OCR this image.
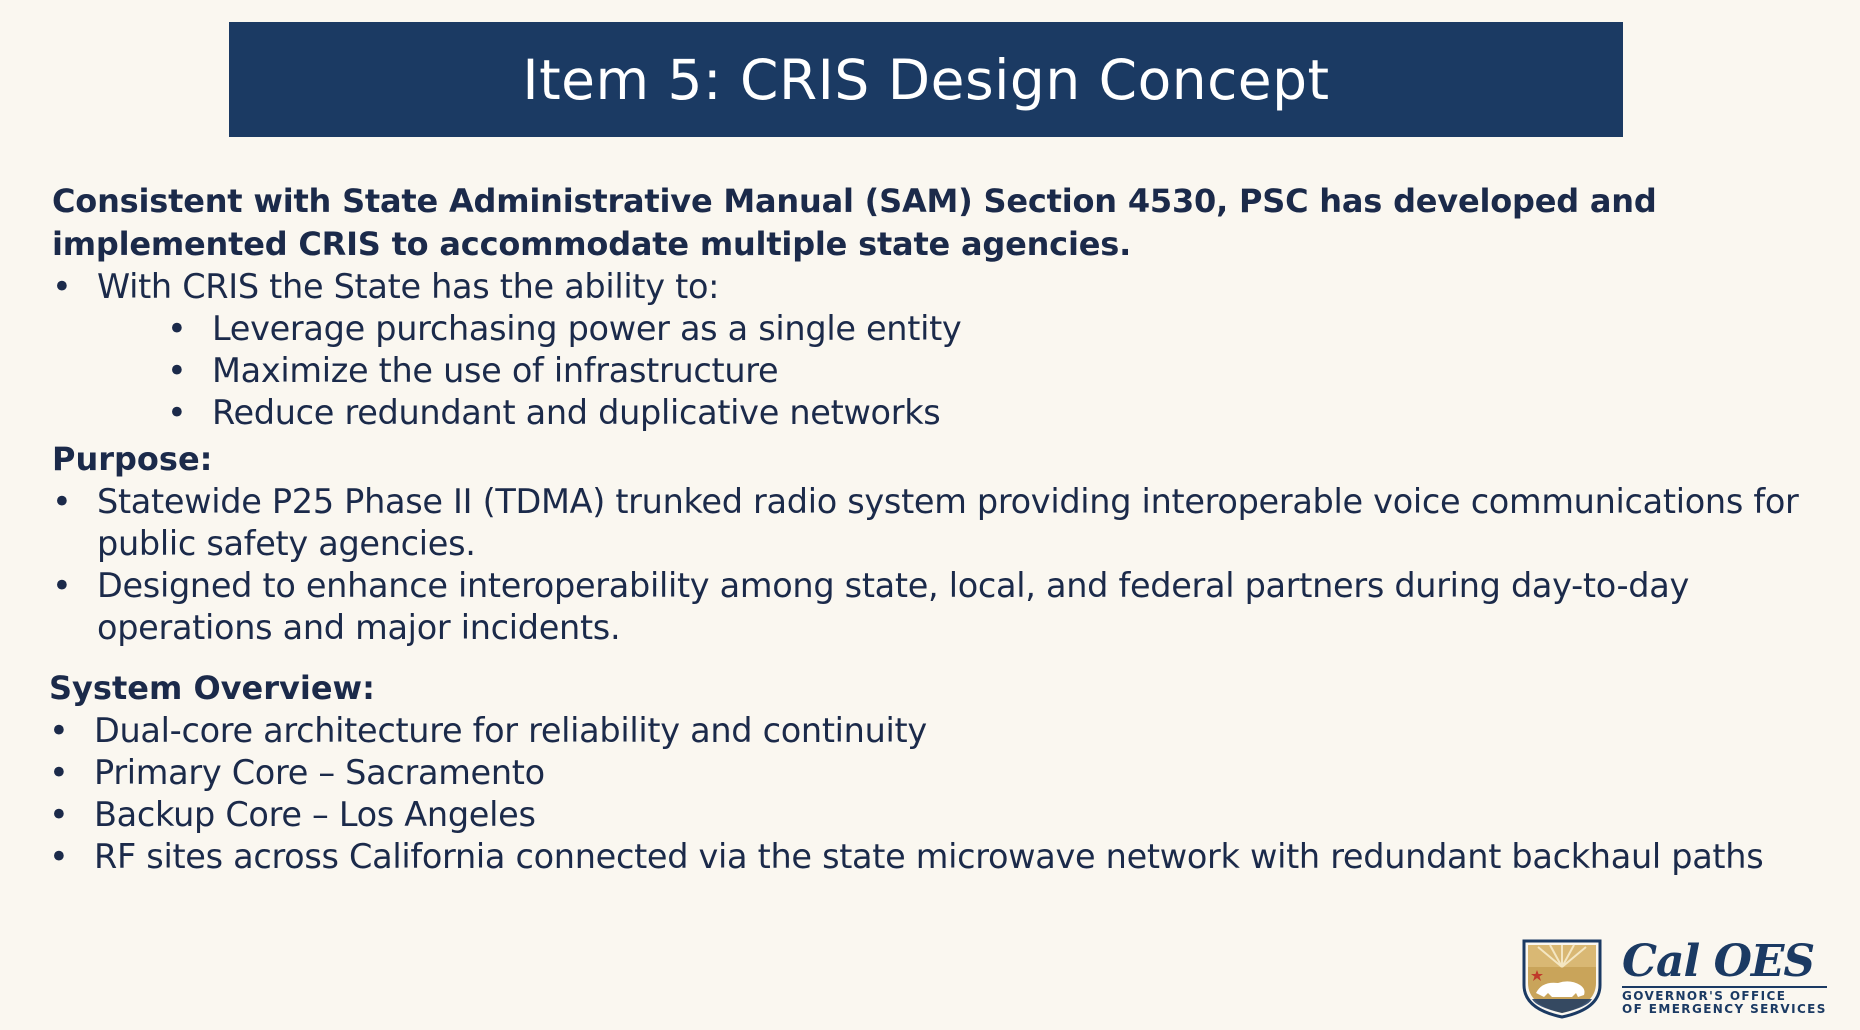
Item 5: CRIS Design Concept
Consistent with State Administrative Manual (SAM) Section 4530, PSC has developed and implemented CRIS to accommodate multiple state agencies.
• With CRIS the State has the ability to:
• Leverage purchasing power as a single entity
• Maximize the use of infrastructure
• Reduce redundant and duplicative networks
Purpose:
• Statewide P25 Phase II (TDMA) trunked radio system providing interoperable voice communications for public safety agencies.
• Designed to enhance interoperability among state, local, and federal partners during day-to-day operations and major incidents.
System Overview:
• Dual-core architecture for reliability and continuity
• Primary Core – Sacramento
• Backup Core – Los Angeles
• RF sites across California connected via the state microwave network with redundant backhaul paths
Cal OES
GOVERNOR'S OFFICE
OF EMERGENCY SERVICES
